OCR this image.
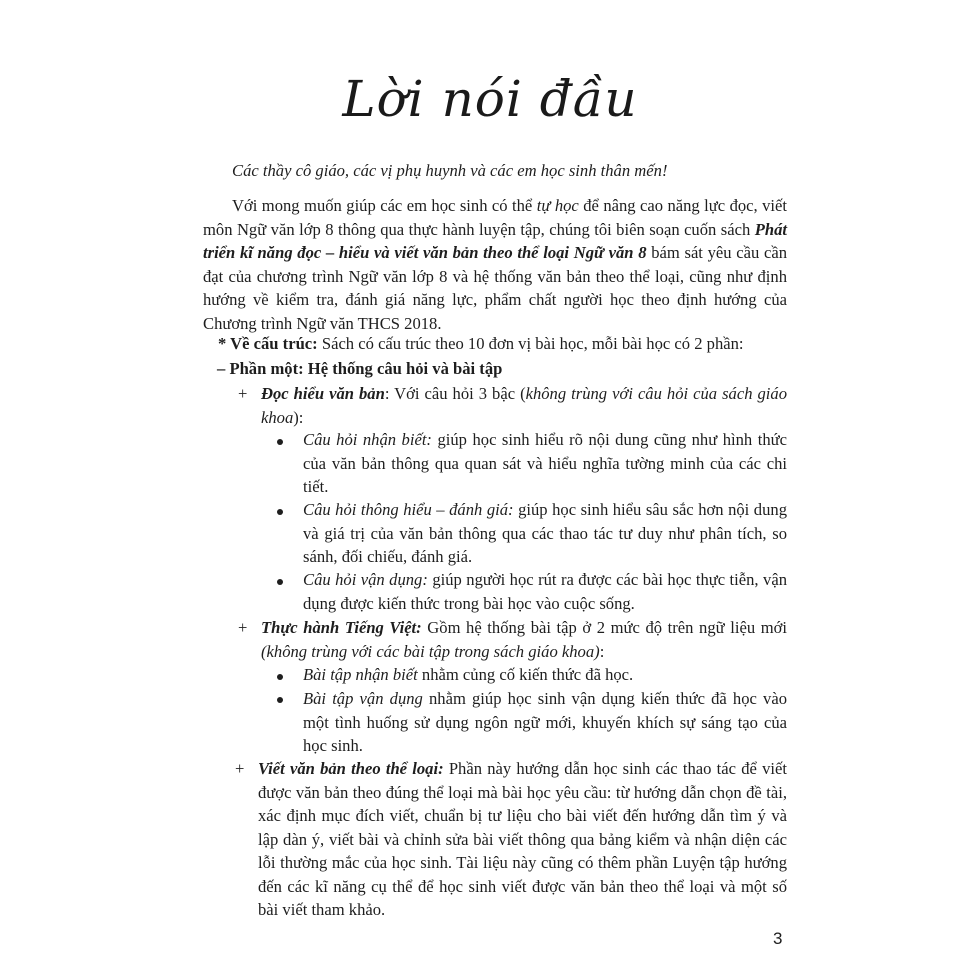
Lời nói đầu
Các thầy cô giáo, các vị phụ huynh và các em học sinh thân mến!
Với mong muốn giúp các em học sinh có thể tự học để nâng cao năng lực đọc, viết môn Ngữ văn lớp 8 thông qua thực hành luyện tập, chúng tôi biên soạn cuốn sách Phát triển kĩ năng đọc – hiểu và viết văn bản theo thể loại Ngữ văn 8 bám sát yêu cầu cần đạt của chương trình Ngữ văn lớp 8 và hệ thống văn bản theo thể loại, cũng như định hướng về kiểm tra, đánh giá năng lực, phẩm chất người học theo định hướng của Chương trình Ngữ văn THCS 2018.
* Về cấu trúc: Sách có cấu trúc theo 10 đơn vị bài học, mỗi bài học có 2 phần:
– Phần một: Hệ thống câu hỏi và bài tập
+ Đọc hiểu văn bản: Với câu hỏi 3 bậc (không trùng với câu hỏi của sách giáo khoa):
Câu hỏi nhận biết: giúp học sinh hiểu rõ nội dung cũng như hình thức của văn bản thông qua quan sát và hiểu nghĩa tường minh của các chi tiết.
Câu hỏi thông hiểu – đánh giá: giúp học sinh hiểu sâu sắc hơn nội dung và giá trị của văn bản thông qua các thao tác tư duy như phân tích, so sánh, đối chiếu, đánh giá.
Câu hỏi vận dụng: giúp người học rút ra được các bài học thực tiễn, vận dụng được kiến thức trong bài học vào cuộc sống.
+ Thực hành Tiếng Việt: Gồm hệ thống bài tập ở 2 mức độ trên ngữ liệu mới (không trùng với các bài tập trong sách giáo khoa):
Bài tập nhận biết nhằm củng cố kiến thức đã học.
Bài tập vận dụng nhằm giúp học sinh vận dụng kiến thức đã học vào một tình huống sử dụng ngôn ngữ mới, khuyến khích sự sáng tạo của học sinh.
+ Viết văn bản theo thể loại: Phần này hướng dẫn học sinh các thao tác để viết được văn bản theo đúng thể loại mà bài học yêu cầu: từ hướng dẫn chọn đề tài, xác định mục đích viết, chuẩn bị tư liệu cho bài viết đến hướng dẫn tìm ý và lập dàn ý, viết bài và chỉnh sửa bài viết thông qua bảng kiểm và nhận diện các lỗi thường mắc của học sinh. Tài liệu này cũng có thêm phần Luyện tập hướng đến các kĩ năng cụ thể để học sinh viết được văn bản theo thể loại và một số bài viết tham khảo.
3
